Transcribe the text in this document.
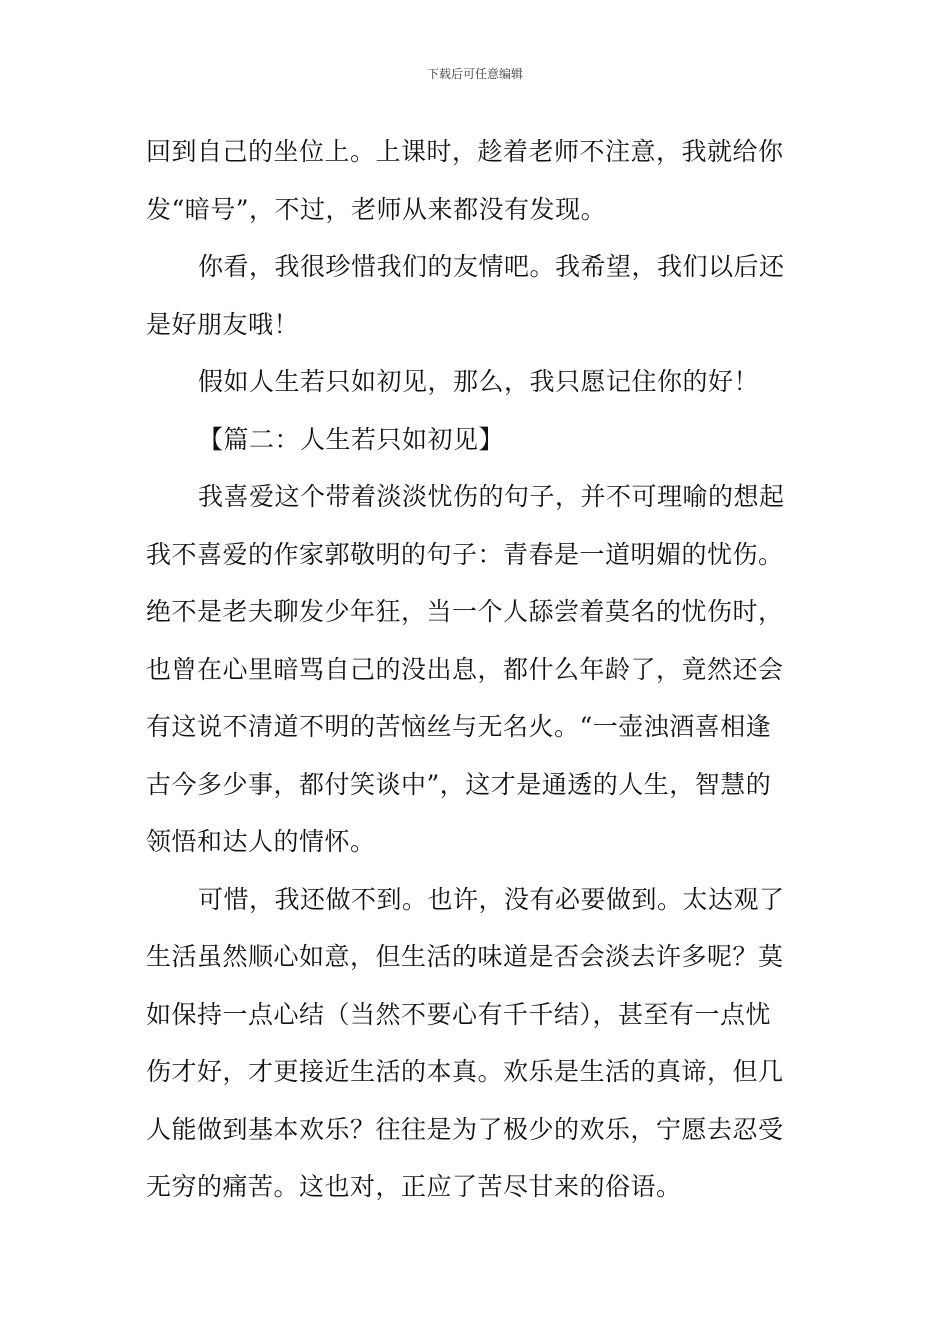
下载后可任意编辑
回到自己的坐位上。上课时，趁着老师不注意，我就给你
发“暗号”，不过，老师从来都没有发现。
你看，我很珍惜我们的友情吧。我希望，我们以后还
是好朋友哦！
假如人生若只如初见，那么，我只愿记住你的好！
【篇二：人生若只如初见】
我喜爱这个带着淡淡忧伤的句子，并不可理喻的想起
我不喜爱的作家郭敬明的句子：青春是一道明媚的忧伤。
绝不是老夫聊发少年狂，当一个人舔尝着莫名的忧伤时，
也曾在心里暗骂自己的没出息，都什么年龄了，竟然还会
有这说不清道不明的苦恼丝与无名火。“一壶浊酒喜相逢
古今多少事，都付笑谈中”，这才是通透的人生，智慧的
领悟和达人的情怀。
可惜，我还做不到。也许，没有必要做到。太达观了
生活虽然顺心如意，但生活的味道是否会淡去许多呢？莫
如保持一点心结（当然不要心有千千结），甚至有一点忧
伤才好，才更接近生活的本真。欢乐是生活的真谛，但几
人能做到基本欢乐？往往是为了极少的欢乐，宁愿去忍受
无穷的痛苦。这也对，正应了苦尽甘来的俗语。
